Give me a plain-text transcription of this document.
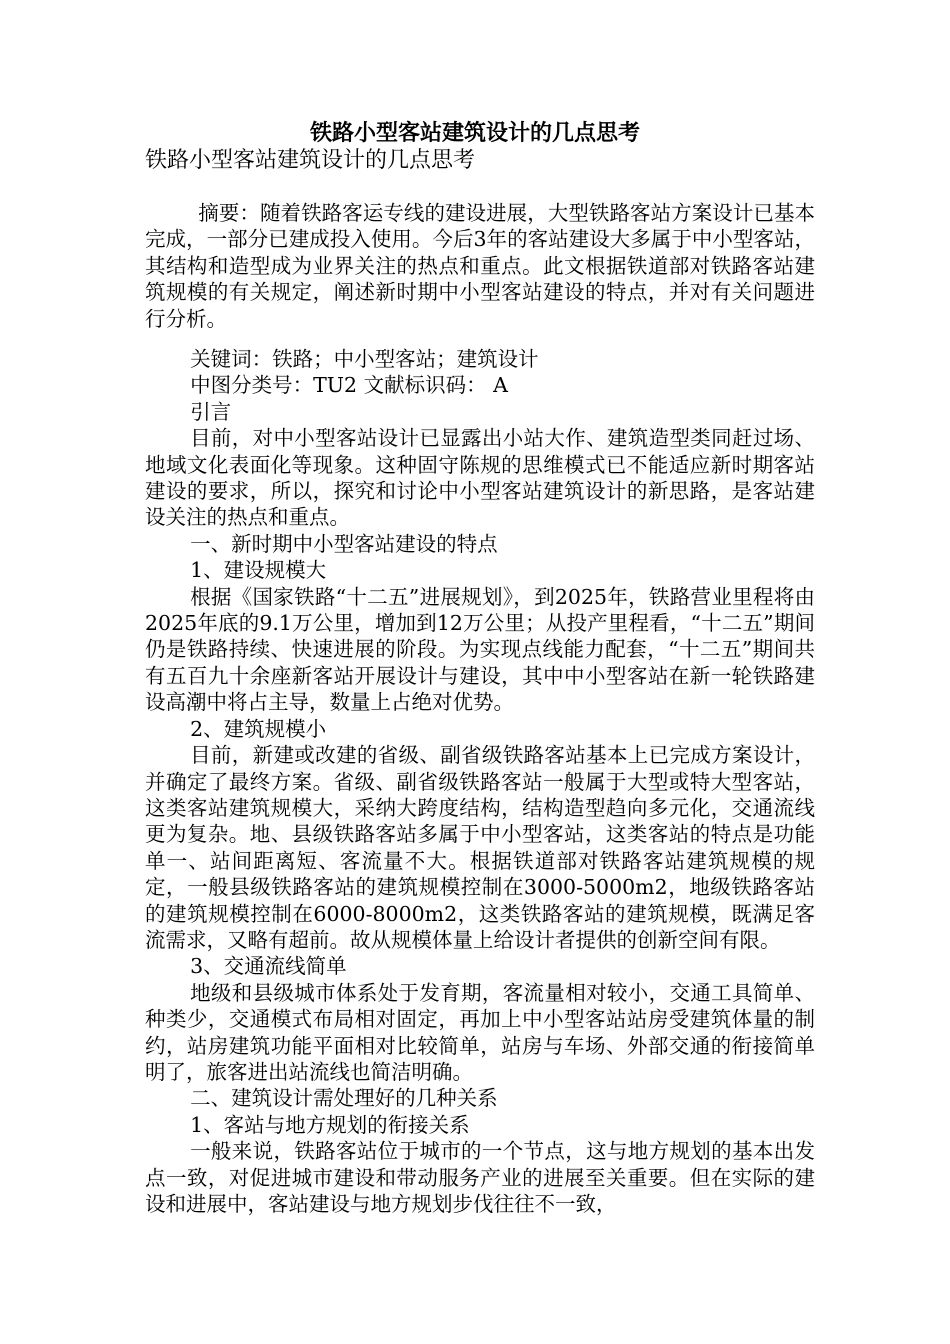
铁路小型客站建筑设计的几点思考
铁路小型客站建筑设计的几点思考

摘要：随着铁路客运专线的建设进展，大型铁路客站方案设计已基本完成，一部分已建成投入使用。今后3年的客站建设大多属于中小型客站，其结构和造型成为业界关注的热点和重点。此文根据铁道部对铁路客站建筑规模的有关规定，阐述新时期中小型客站建设的特点，并对有关问题进行分析。

关键词：铁路；中小型客站；建筑设计

中图分类号：TU2 文献标识码： A

引言

目前，对中小型客站设计已显露出小站大作、建筑造型类同赶过场、地域文化表面化等现象。这种固守陈规的思维模式已不能适应新时期客站建设的要求，所以，探究和讨论中小型客站建筑设计的新思路，是客站建设关注的热点和重点。

一、新时期中小型客站建设的特点

1、建设规模大

根据《国家铁路“十二五”进展规划》，到2025年，铁路营业里程将由2025年底的9.1万公里，增加到12万公里；从投产里程看，“十二五”期间仍是铁路持续、快速进展的阶段。为实现点线能力配套，“十二五”期间共有五百九十余座新客站开展设计与建设，其中中小型客站在新一轮铁路建设高潮中将占主导，数量上占绝对优势。

2、建筑规模小

目前，新建或改建的省级、副省级铁路客站基本上已完成方案设计，并确定了最终方案。省级、副省级铁路客站一般属于大型或特大型客站，这类客站建筑规模大，采纳大跨度结构，结构造型趋向多元化，交通流线更为复杂。地、县级铁路客站多属于中小型客站，这类客站的特点是功能单一、站间距离短、客流量不大。根据铁道部对铁路客站建筑规模的规定，一般县级铁路客站的建筑规模控制在3000-5000m2，地级铁路客站的建筑规模控制在6000-8000m2，这类铁路客站的建筑规模，既满足客流需求，又略有超前。故从规模体量上给设计者提供的创新空间有限。

3、交通流线简单

地级和县级城市体系处于发育期，客流量相对较小，交通工具简单、种类少，交通模式布局相对固定，再加上中小型客站站房受建筑体量的制约，站房建筑功能平面相对比较简单，站房与车场、外部交通的衔接简单明了，旅客进出站流线也简洁明确。

二、建筑设计需处理好的几种关系

1、客站与地方规划的衔接关系

一般来说，铁路客站位于城市的一个节点，这与地方规划的基本出发点一致，对促进城市建设和带动服务产业的进展至关重要。但在实际的建设和进展中，客站建设与地方规划步伐往往不一致，
